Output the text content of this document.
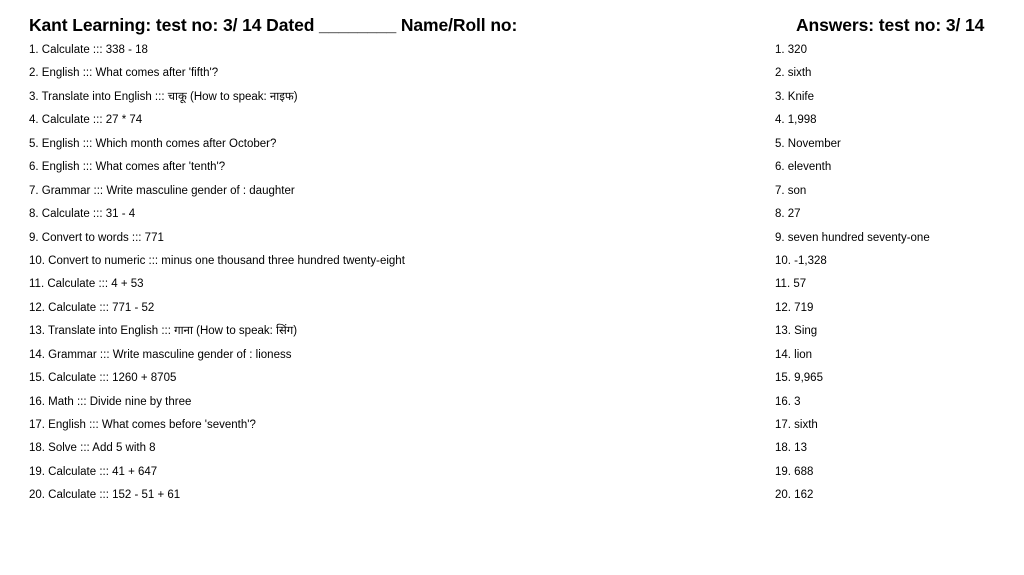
Kant Learning: test no: 3/ 14 Dated ________ Name/Roll no:	Answers: test no: 3/ 14
1. Calculate ::: 338 - 18
2. English ::: What comes after 'fifth'?
3. Translate into English ::: चाकू (How to speak: नाइफ)
4. Calculate ::: 27 * 74
5. English ::: Which month comes after October?
6. English ::: What comes after 'tenth'?
7. Grammar ::: Write masculine gender of : daughter
8. Calculate ::: 31 - 4
9. Convert to words ::: 771
10. Convert to numeric ::: minus one thousand three hundred twenty-eight
11. Calculate ::: 4 + 53
12. Calculate ::: 771 - 52
13. Translate into English ::: गाना (How to speak: सिंग)
14. Grammar ::: Write masculine gender of : lioness
15. Calculate ::: 1260 + 8705
16. Math ::: Divide nine by three
17. English ::: What comes before 'seventh'?
18. Solve ::: Add 5 with 8
19. Calculate ::: 41 + 647
20. Calculate ::: 152 - 51 + 61
1. 320
2. sixth
3. Knife
4. 1,998
5. November
6. eleventh
7. son
8. 27
9. seven hundred seventy-one
10. -1,328
11. 57
12. 719
13. Sing
14. lion
15. 9,965
16. 3
17. sixth
18. 13
19. 688
20. 162
